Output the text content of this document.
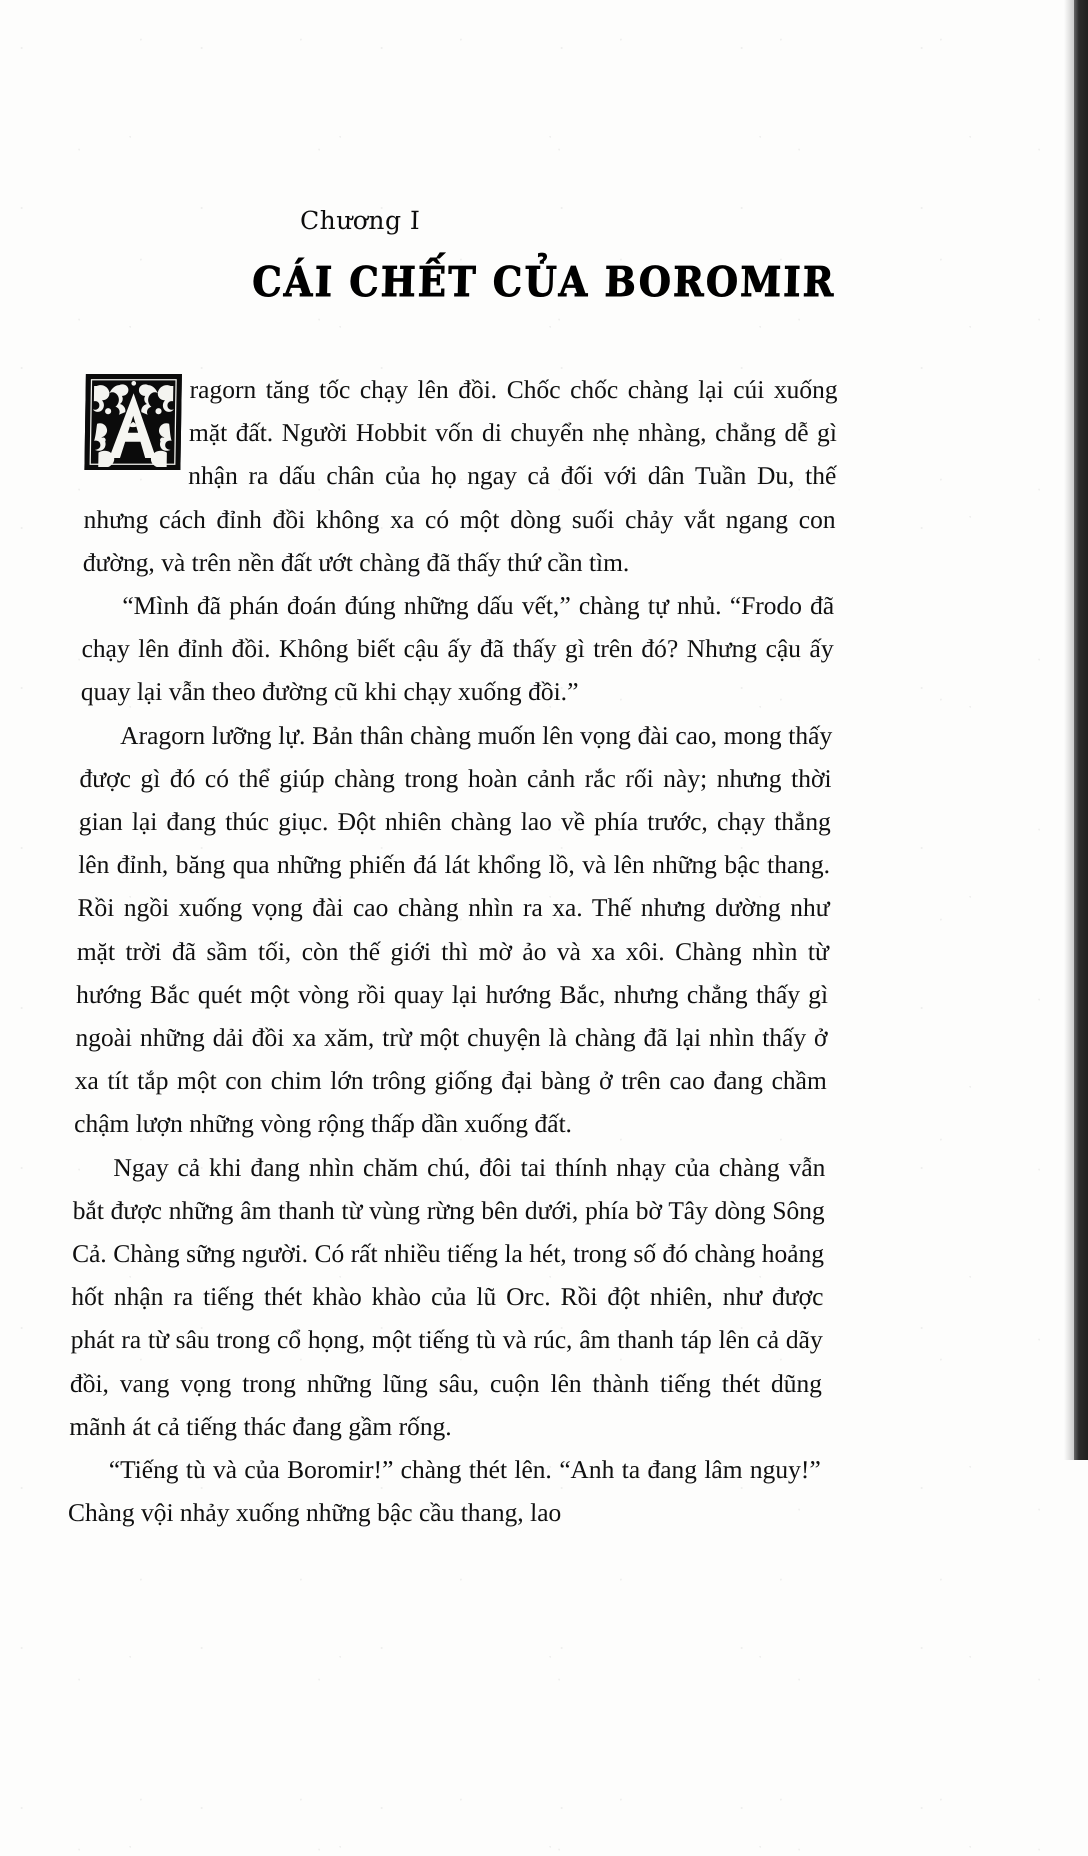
Chương I
CÁI CHẾT CỦA BOROMIR

ragorn tăng tốc chạy lên đồi. Chốc chốc chàng lại cúi xuống mặt đất. Người Hobbit vốn di chuyển nhẹ nhàng, chẳng dễ gì nhận ra dấu chân của họ ngay cả đối với dân Tuần Du, thế nhưng cách đỉnh đồi không xa có một dòng suối chảy vắt ngang con đường, và trên nền đất ướt chàng đã thấy thứ cần tìm.

“Mình đã phán đoán đúng những dấu vết,” chàng tự nhủ. “Frodo đã chạy lên đỉnh đồi. Không biết cậu ấy đã thấy gì trên đó? Nhưng cậu ấy quay lại vẫn theo đường cũ khi chạy xuống đồi.”

Aragorn lưỡng lự. Bản thân chàng muốn lên vọng đài cao, mong thấy được gì đó có thể giúp chàng trong hoàn cảnh rắc rối này; nhưng thời gian lại đang thúc giục. Đột nhiên chàng lao về phía trước, chạy thẳng lên đỉnh, băng qua những phiến đá lát khổng lồ, và lên những bậc thang. Rồi ngồi xuống vọng đài cao chàng nhìn ra xa. Thế nhưng dường như mặt trời đã sầm tối, còn thế giới thì mờ ảo và xa xôi. Chàng nhìn từ hướng Bắc quét một vòng rồi quay lại hướng Bắc, nhưng chẳng thấy gì ngoài những dải đồi xa xăm, trừ một chuyện là chàng đã lại nhìn thấy ở xa tít tắp một con chim lớn trông giống đại bàng ở trên cao đang chầm chậm lượn những vòng rộng thấp dần xuống đất.

Ngay cả khi đang nhìn chăm chú, đôi tai thính nhạy của chàng vẫn bắt được những âm thanh từ vùng rừng bên dưới, phía bờ Tây dòng Sông Cả. Chàng sững người. Có rất nhiều tiếng la hét, trong số đó chàng hoảng hốt nhận ra tiếng thét khào khào của lũ Orc. Rồi đột nhiên, như được phát ra từ sâu trong cổ họng, một tiếng tù và rúc, âm thanh táp lên cả dãy đồi, vang vọng trong những lũng sâu, cuộn lên thành tiếng thét dũng mãnh át cả tiếng thác đang gầm rống.

“Tiếng tù và của Boromir!” chàng thét lên. “Anh ta đang lâm nguy!” Chàng vội nhảy xuống những bậc cầu thang, lao
